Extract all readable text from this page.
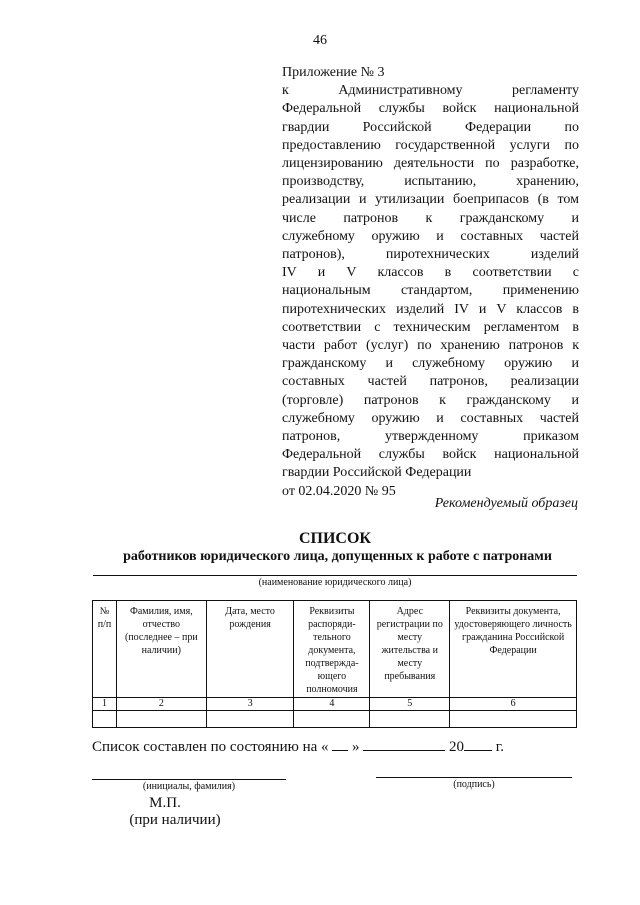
46
Приложение № 3
к	Административному	регламенту
Федеральной службы войск национальной
гвардии Российской Федерации по
предоставлению государственной услуги по
лицензированию деятельности по разработке,
производству, испытанию, хранению,
реализации и утилизации боеприпасов (в том
числе патронов к гражданскому и
служебному оружию и составных частей
патронов), пиротехнических изделий
IV и V классов в соответствии с
национальным стандартом, применению
пиротехнических изделий IV и V классов в
соответствии с техническим регламентом в
части работ (услуг) по хранению патронов к
гражданскому и служебному оружию и
составных частей патронов, реализации
(торговле) патронов к гражданскому и
служебному оружию и составных частей
патронов, утвержденному приказом
Федеральной службы войск национальной
гвардии Российской Федерации
от 02.04.2020 № 95
Рекомендуемый образец
СПИСОК
работников юридического лица, допущенных к работе с патронами
(наименование юридического лица)
№ п/п	Фамилия, имя, отчество (последнее – при наличии)	Дата, место рождения	Реквизиты распоряди-тельного документа, подтвержда-ющего полномочия	Адрес регистрации по месту жительства и месту пребывания	Реквизиты документа, удостоверяющего личность гражданина Российской Федерации
1	2	3	4	5	6

Список составлен по состоянию на « »	20 г.
(инициалы, фамилия)	(подпись)
М.П.
(при наличии)
